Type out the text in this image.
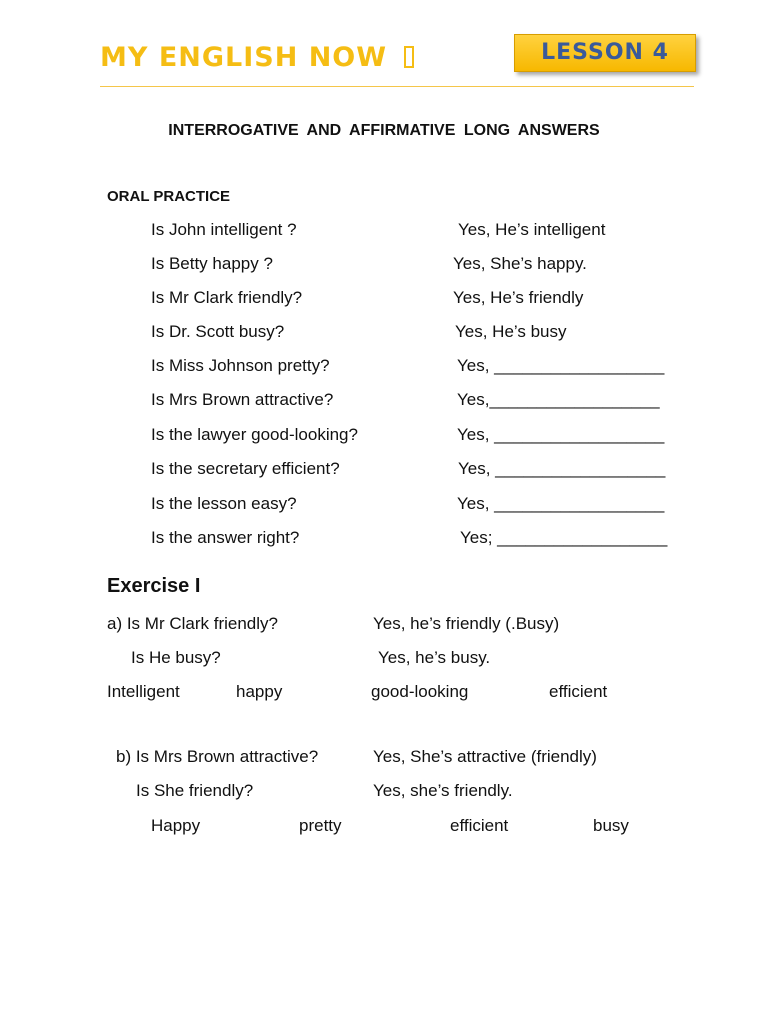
MY ENGLISH NOW	LESSON 4
INTERROGATIVE AND AFFIRMATIVE LONG ANSWERS
ORAL PRACTICE
Is John intelligent ?	Yes, He’s intelligent
Is Betty happy ?	Yes, She’s happy.
Is Mr Clark friendly?	Yes, He’s friendly
Is Dr. Scott busy?	Yes, He’s busy
Is Miss Johnson pretty?	Yes, __________________
Is Mrs Brown attractive?	Yes,__________________
Is the lawyer good-looking?	Yes, __________________
Is the secretary efficient?	Yes, __________________
Is the lesson easy?	Yes, __________________
Is the answer right?	Yes; __________________
Exercise I
a) Is Mr Clark friendly?	Yes, he’s friendly (.Busy)
Is He busy?	Yes, he’s busy.
Intelligent	happy	good-looking	efficient
b) Is Mrs Brown attractive?	Yes, She’s attractive (friendly)
Is She friendly?	Yes, she’s friendly.
Happy	pretty	efficient	busy
